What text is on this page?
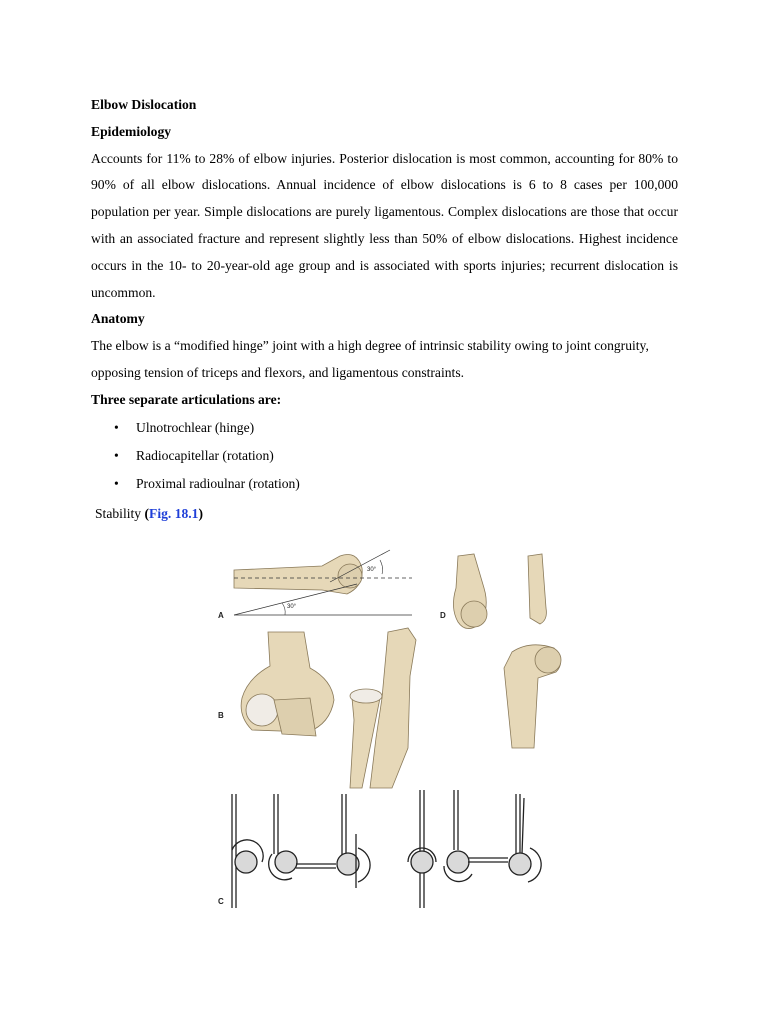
Elbow Dislocation

Epidemiology

Accounts for 11% to 28% of elbow injuries. Posterior dislocation is most common, accounting for 80% to 90% of all elbow dislocations. Annual incidence of elbow dislocations is 6 to 8 cases per 100,000 population per year. Simple dislocations are purely ligamentous. Complex dislocations are those that occur with an associated fracture and represent slightly less than 50% of elbow dislocations. Highest incidence occurs in the 10- to 20-year-old age group and is associated with sports injuries; recurrent dislocation is uncommon.

Anatomy

The elbow is a “modified hinge” joint with a high degree of intrinsic stability owing to joint congruity, opposing tension of triceps and flexors, and ligamentous constraints.

Three separate articulations are:

• Ulnotrochlear (hinge)
• Radiocapitellar (rotation)
• Proximal radioulnar (rotation)

Stability (Fig. 18.1)

A
30°
30°
D
B
C
